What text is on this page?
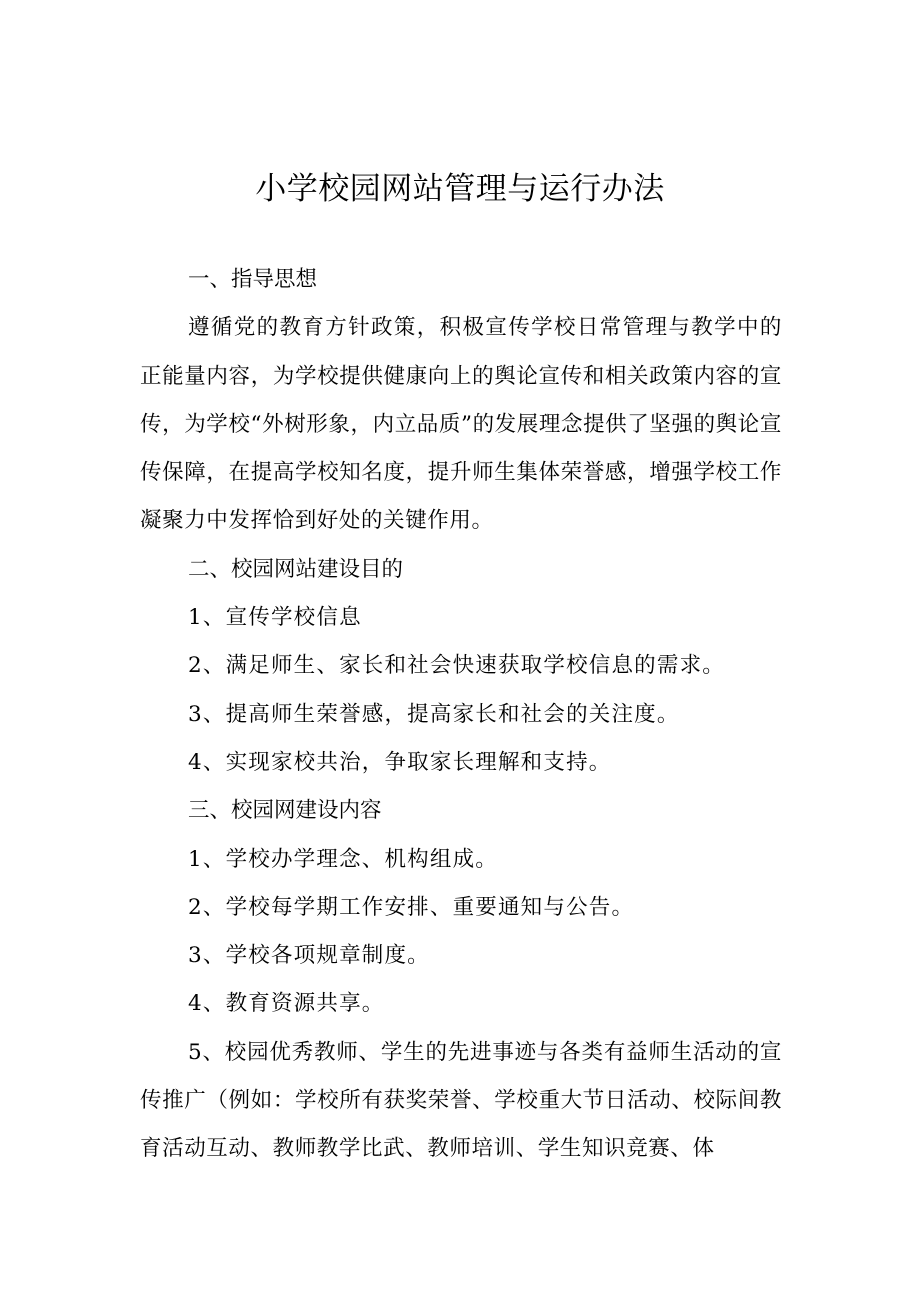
小学校园网站管理与运行办法
一、指导思想

遵循党的教育方针政策，积极宣传学校日常管理与教学中的正能量内容，为学校提供健康向上的舆论宣传和相关政策内容的宣传，为学校“外树形象，内立品质”的发展理念提供了坚强的舆论宣传保障，在提高学校知名度，提升师生集体荣誉感，增强学校工作凝聚力中发挥恰到好处的关键作用。

二、校园网站建设目的
1、宣传学校信息
2、满足师生、家长和社会快速获取学校信息的需求。
3、提高师生荣誉感，提高家长和社会的关注度。
4、实现家校共治，争取家长理解和支持。
三、校园网建设内容
1、学校办学理念、机构组成。
2、学校每学期工作安排、重要通知与公告。
3、学校各项规章制度。
4、教育资源共享。

5、校园优秀教师、学生的先进事迹与各类有益师生活动的宣传推广（例如：学校所有获奖荣誉、学校重大节日活动、校际间教育活动互动、教师教学比武、教师培训、学生知识竞赛、体
